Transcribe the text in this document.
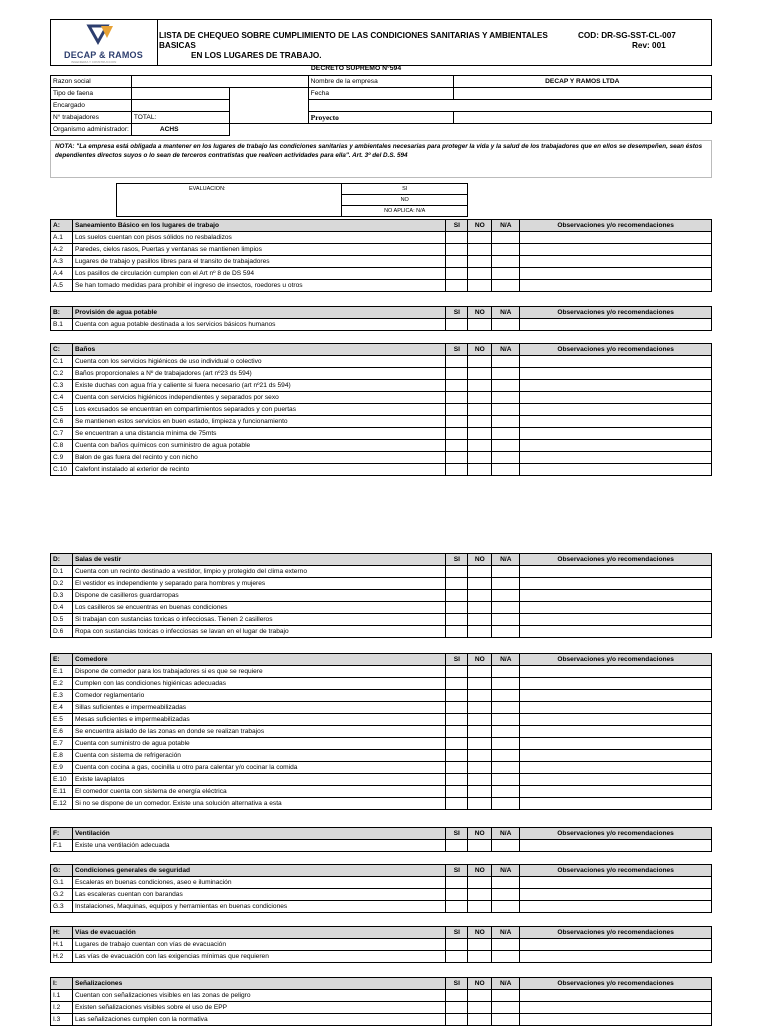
DECAP & RAMOS
INGENIERIA Y CONSTRUCCION
LISTA DE CHEQUEO SOBRE CUMPLIMIENTO DE LAS CONDICIONES SANITARIAS Y AMBIENTALES BASICAS
EN LOS LUGARES DE TRABAJO.
COD: DR-SG-SST-CL-007
Rev: 001
DECRETO SUPREMO N°594
Razon social			Nombre de la empresa	DECAP Y RAMOS LTDA
Tipo de faena			Fecha	
Encargado				
N° trabajadores	TOTAL:		Proyecto	
Organismo administrador:	ACHS			
NOTA: "La empresa está obligada a mantener en los lugares de trabajo las condiciones sanitarias y ambientales necesarias para proteger la vida y la salud de los trabajadores que en ellos se desempeñen, sean éstos dependientes directos suyos o lo sean de terceros contratistas que realicen actividades para ella". Art. 3º del D.S. 594
EVALUACION:	SI
NO
NO APLICA: N/A
A:	Saneamiento Básico en los lugares de trabajo	SI	NO	N/A	Observaciones y/o recomendaciones
A.1	Los suelos cuentan con pisos sólidos no resbaladizos				
A.2	Paredes, cielos rasos, Puertas y ventanas se mantienen limpios				
A.3	Lugares de trabajo y pasillos libres para el transito de trabajadores				
A.4	Los pasillos de circulación cumplen con el Art nº 8 de DS 594				
A.5	Se han tomado medidas para prohibir el ingreso de insectos, roedores u otros				
B:	Provisión de agua potable	SI	NO	N/A	Observaciones y/o recomendaciones
B.1	Cuenta con agua potable destinada a los servicios básicos humanos				
C:	Baños	SI	NO	N/A	Observaciones y/o recomendaciones
C.1	Cuenta con los servicios higiénicos de uso individual o colectivo				
C.2	Baños proporcionales a Nº de trabajadores (art nº23 ds 594)				
C.3	Existe duchas con agua fría y caliente si fuera necesario (art nº21 ds 594)				
C.4	Cuenta con servicios higiénicos independientes y separados por sexo				
C.5	Los excusados se encuentran en compartimientos separados y con puertas				
C.6	Se mantienen estos servicios en buen estado, limpieza y funcionamiento				
C.7	Se encuentran a una distancia mínima de 75mts				
C.8	Cuenta con baños químicos con suministro de agua potable				
C.9	Balon de gas fuera del recinto y con nicho				
C.10	Calefont instalado al exterior de recinto				
D:	Salas de vestir	SI	NO	N/A	Observaciones y/o recomendaciones
D.1	Cuenta con un recinto destinado a vestidor, limpio y protegido del clima externo				
D.2	El vestidor es independiente y separado para hombres y mujeres				
D.3	Dispone de casilleros guardarropas				
D.4	Los casilleros se encuentras en buenas condiciones				
D.5	Si trabajan con sustancias toxicas o infecciosas. Tienen 2 casilleros				
D.6	Ropa con sustancias toxicas o infecciosas se lavan en el lugar de trabajo				
E:	Comedore	SI	NO	N/A	Observaciones y/o recomendaciones
E.1	Dispone de comedor para los trabajadores si es que se requiere				
E.2	Cumplen con las condiciones higiénicas adecuadas				
E.3	Comedor reglamentario				
E.4	Sillas suficientes e impermeabilizadas				
E.5	Mesas suficientes e impermeabilizadas				
E.6	Se encuentra aislado de las zonas en donde se realizan trabajos				
E.7	Cuenta con suministro de agua potable				
E.8	Cuenta con sistema de refrigeración				
E.9	Cuenta con cocina a gas, cocinilla u otro para calentar y/o cocinar la comida				
E.10	Existe lavaplatos				
E.11	El comedor cuenta con sistema de energía eléctrica				
E.12	Si no se dispone de un comedor. Existe una solución alternativa a esta				
F:	Ventilación	SI	NO	N/A	Observaciones y/o recomendaciones
F.1	Existe una ventilación adecuada				
G:	Condiciones generales de seguridad	SI	NO	N/A	Observaciones y/o recomendaciones
G.1	Escaleras en buenas condiciones, aseo e iluminación				
G.2	Las escaleras cuentan con barandas				
G.3	Instalaciones, Maquinas, equipos y herramientas en buenas condiciones				
H:	Vías de evacuación	SI	NO	N/A	Observaciones y/o recomendaciones
H.1	Lugares de trabajo cuentan con vías de evacuación				
H.2	Las vías de evacuación con las exigencias mínimas que requieren				
I:	Señalizaciones	SI	NO	N/A	Observaciones y/o recomendaciones
I.1	Cuentan con señalizaciones visibles en las zonas de peligro				
I.2	Existen señalizaciones visibles sobre el uso de EPP				
I.3	Las señalizaciones cumplen con la normativa				
